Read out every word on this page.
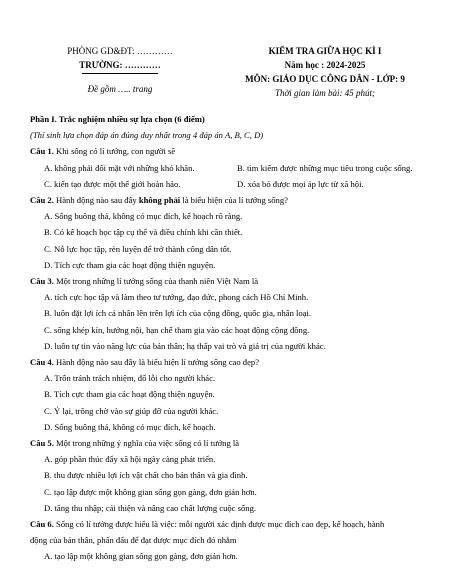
PHÒNG GD&ĐT: …………
TRƯỜNG: …………
Đề gồm ….. trang
KIỂM TRA GIỮA HỌC KÌ I
Năm học : 2024-2025
MÔN: GIÁO DỤC CÔNG DÂN - LỚP: 9
Thời gian làm bài: 45 phút;

Phần I. Trắc nghiệm nhiều sự lựa chọn (6 điểm)

(Thí sinh lựa chọn đáp án đúng duy nhất trong 4 đáp án A, B, C, D)

Câu 1. Khi sống có lí tưởng, con người sẽ

A. không phải đối mặt với những khó khăn.	B. tìm kiếm được những mục tiêu trong cuộc sống.
C. kiến tạo được một thế giới hoàn hảo.	D. xóa bỏ được mọi áp lực từ xã hội.

Câu 2. Hành động nào sau đây không phải là biểu hiện của lí tưởng sống?

A. Sống buông thả, không có mục đích, kế hoạch rõ ràng.

B. Có kế hoạch học tập cụ thể và điều chỉnh khi cần thiết.

C. Nỗ lực học tập, rèn luyện để trở thành công dân tốt.

D. Tích cực tham gia các hoạt động thiện nguyện.

Câu 3. Một trong những lí tưởng sống của thanh niên Việt Nam là

A. tích cực học tập và làm theo tư tưởng, đạo đức, phong cách Hồ Chí Minh.

B. luôn đặt lợi ích cá nhân lên trên lợi ích của cộng đồng, quốc gia, nhân loại.

C. sống khép kín, hướng nội, hạn chế tham gia vào các hoạt động cộng đồng.

D. luôn tự tin vào năng lực của bản thân; hạ thấp vai trò và giá trị của người khác.

Câu 4. Hành động nào sau đây là biểu hiện lí tưởng sống cao đẹp?

A. Trốn tránh trách nhiệm, đổ lỗi cho người khác.

B. Tích cực tham gia các hoạt động thiện nguyện.

C. Ỷ lại, trông chờ vào sự giúp đỡ của người khác.

D. Sống buông thả, không có mục đích, kế hoạch.

Câu 5. Một trong những ý nghĩa của việc sống có lí tưởng là

A. góp phần thúc đẩy xã hội ngày càng phát triển.

B. thu được nhiều lợi ích vật chất cho bản thân và gia đình.

C. tạo lập được một không gian sống gọn gàng, đơn giản hơn.

D. tăng thu nhập; cải thiện và nâng cao chất lượng cuộc sống.

Câu 6. Sống có lí tưởng được hiểu là việc: mỗi người xác định được mục đích cao đẹp, kế hoạch, hành

động của bản thân, phấn đấu để đạt được mục đích đó nhằm

A. tạo lập một không gian sống gọn gàng, đơn giản hơn.
